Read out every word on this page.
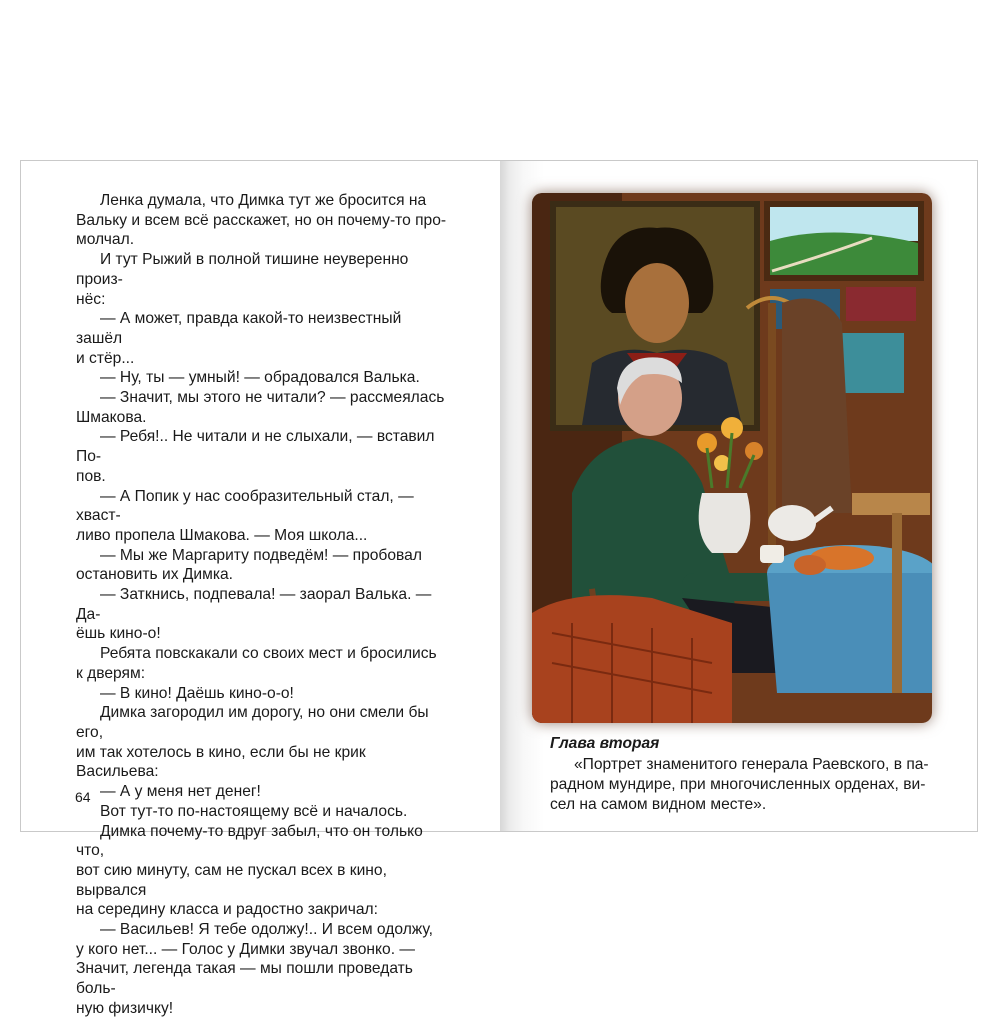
Ленка думала, что Димка тут же бросится на

Вальку и всем всё расскажет, но он почему-то про-

молчал.

И тут Рыжий в полной тишине неуверенно произ-

нёс:

— А может, правда какой-то неизвестный зашёл

и стёр...

— Ну, ты — умный! — обрадовался Валька.

— Значит, мы этого не читали? — рассмеялась

Шмакова.

— Ребя!.. Не читали и не слыхали, — вставил По-

пов.

— А Попик у нас сообразительный стал, — хваст-

ливо пропела Шмакова. — Моя школа...

— Мы же Маргариту подведём! — пробовал

остановить их Димка.

— Заткнись, подпевала! — заорал Валька. — Да-

ёшь кино-о!

Ребята повскакали со своих мест и бросились

к дверям:

— В кино! Даёшь кино-о-о!

Димка загородил им дорогу, но они смели бы его,

им так хотелось в кино, если бы не крик Васильева:

— А у меня нет денег!

Вот тут-то по-настоящему всё и началось.

Димка почему-то вдруг забыл, что он только что,

вот сию минуту, сам не пускал всех в кино, вырвался

на середину класса и радостно закричал:

— Васильев! Я тебе одолжу!.. И всем одолжу,

у кого нет... — Голос у Димки звучал звонко. —

Значит, легенда такая — мы пошли проведать боль-

ную физичку!

64
Глава вторая

«Портрет знаменитого генерала Раевского, в па-

радном мундире, при многочисленных орденах, ви-

сел на самом видном месте».
